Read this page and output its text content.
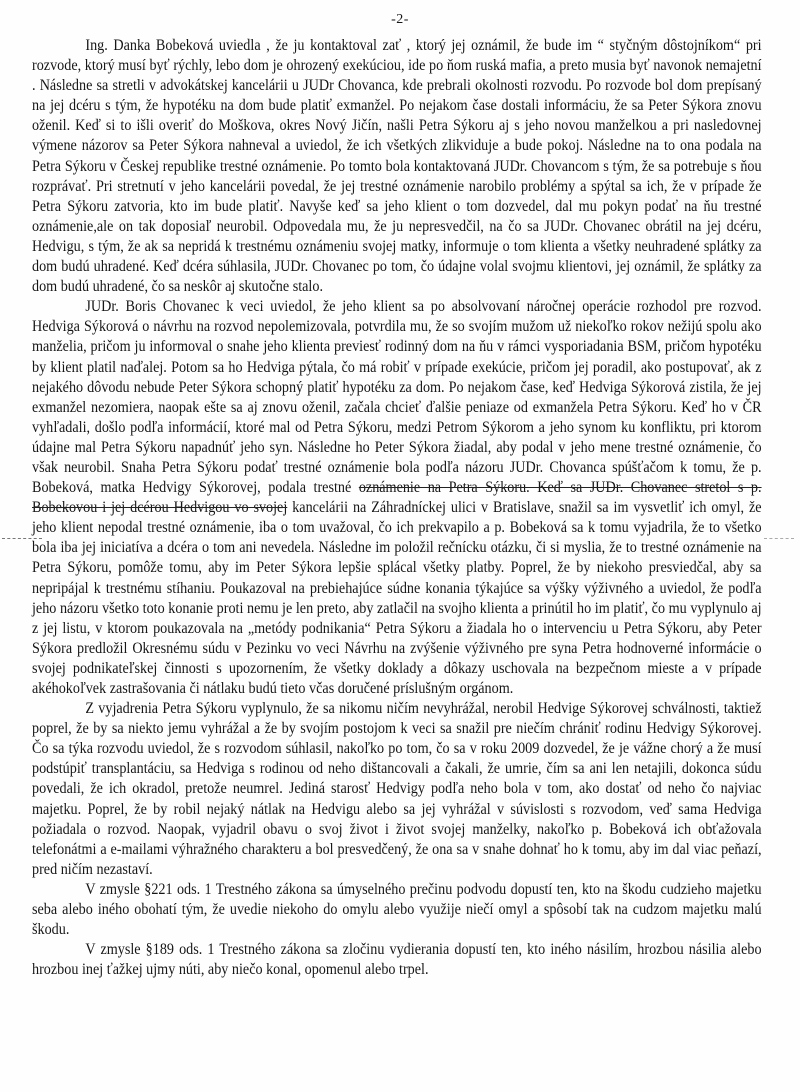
-2-

Ing. Danka Bobeková uviedla , že ju kontaktoval zať , ktorý jej oznámil, že bude im “ styčným dôstojníkom“ pri rozvode, ktorý musí byť rýchly, lebo dom je ohrozený exekúciou, ide po ňom ruská mafia, a preto musia byť navonok nemajetní . Následne sa stretli v advokátskej kancelárii u JUDr Chovanca, kde prebrali okolnosti rozvodu. Po rozvode bol dom prepísaný na jej dcéru s tým, že hypotéku na dom bude platiť exmanžel. Po nejakom čase dostali informáciu, že sa Peter Sýkora znovu oženil. Keď si to išli overiť do Moškova, okres Nový Jičín, našli Petra Sýkoru aj s jeho novou manželkou a pri nasledovnej výmene názorov sa Peter Sýkora nahneval a uviedol, že ich všetkých zlikviduje a bude pokoj. Následne na to ona podala na Petra Sýkoru v Českej republike trestné oznámenie. Po tomto bola kontaktovaná JUDr. Chovancom s tým, že sa potrebuje s ňou rozprávať. Pri stretnutí v jeho kancelárii povedal, že jej trestné oznámenie narobilo problémy a spýtal sa ich, že v prípade že Petra Sýkoru zatvoria, kto im bude platiť. Navyše keď sa jeho klient o tom dozvedel, dal mu pokyn podať na ňu trestné oznámenie,ale on tak doposiaľ neurobil. Odpovedala mu, že ju nepresvedčil, na čo sa JUDr. Chovanec obrátil na jej dcéru, Hedvigu, s tým, že ak sa nepridá k trestnému oznámeniu svojej matky, informuje o tom klienta a všetky neuhradené splátky za dom budú uhradené. Keď dcéra súhlasila, JUDr. Chovanec po tom, čo údajne volal svojmu klientovi, jej oznámil, že splátky za dom budú uhradené, čo sa neskôr aj skutočne stalo.

JUDr. Boris Chovanec k veci uviedol, že jeho klient sa po absolvovaní náročnej operácie rozhodol pre rozvod. Hedviga Sýkorová o návrhu na rozvod nepolemizovala, potvrdila mu, že so svojím mužom už niekoľko rokov nežijú spolu ako manželia, pričom ju informoval o snahe jeho klienta previesť rodinný dom na ňu v rámci vysporiadania BSM, pričom hypotéku by klient platil naďalej. Potom sa ho Hedviga pýtala, čo má robiť v prípade exekúcie, pričom jej poradil, ako postupovať, ak z nejakého dôvodu nebude Peter Sýkora schopný platiť hypotéku za dom. Po nejakom čase, keď Hedviga Sýkorová zistila, že jej exmanžel nezomiera, naopak ešte sa aj znovu oženil, začala chcieť ďalšie peniaze od exmanžela Petra Sýkoru. Keď ho v ČR vyhľadali, došlo podľa informácií, ktoré mal od Petra Sýkoru, medzi Petrom Sýkorom a jeho synom ku konfliktu, pri ktorom údajne mal Petra Sýkoru napadnúť jeho syn. Následne ho Peter Sýkora žiadal, aby podal v jeho mene trestné oznámenie, čo však neurobil. Snaha Petra Sýkoru podať trestné oznámenie bola podľa názoru JUDr. Chovanca spúšťačom k tomu, že p. Bobeková, matka Hedvigy Sýkorovej, podala trestné oznámenie na Petra Sýkoru. Keď sa JUDr. Chovanec stretol s p. Bobekovou i jej dcérou Hedvigou vo svojej kancelárii na Záhradníckej ulici v Bratislave, snažil sa im vysvetliť ich omyl, že jeho klient nepodal trestné oznámenie, iba o tom uvažoval, čo ich prekvapilo a p. Bobeková sa k tomu vyjadrila, že to všetko bola iba jej iniciatíva a dcéra o tom ani nevedela. Následne im položil rečnícku otázku, či si myslia, že to trestné oznámenie na Petra Sýkoru, pomôže tomu, aby im Peter Sýkora lepšie splácal všetky platby. Poprel, že by niekoho presviedčal, aby sa nepripájal k trestnému stíhaniu. Poukazoval na prebiehajúce súdne konania týkajúce sa výšky výživného a uviedol, že podľa jeho názoru všetko toto konanie proti nemu je len preto, aby zatlačil na svojho klienta a prinútil ho im platiť, čo mu vyplynulo aj z jej listu, v ktorom poukazovala na „metódy podnikania“ Petra Sýkoru a žiadala ho o intervenciu u Petra Sýkoru, aby Peter Sýkora predložil Okresnému súdu v Pezinku vo veci Návrhu na zvýšenie výživného pre syna Petra hodnoverné informácie o svojej podnikateľskej činnosti s upozornením, že všetky doklady a dôkazy uschovala na bezpečnom mieste a v prípade akéhokoľvek zastrašovania či nátlaku budú tieto včas doručené príslušným orgánom.

Z vyjadrenia Petra Sýkoru vyplynulo, že sa nikomu ničím nevyhrážal, nerobil Hedvige Sýkorovej schválnosti, taktiež poprel, že by sa niekto jemu vyhrážal a že by svojím postojom k veci sa snažil pre niečím chrániť rodinu Hedvigy Sýkorovej. Čo sa týka rozvodu uviedol, že s rozvodom súhlasil, nakoľko po tom, čo sa v roku 2009 dozvedel, že je vážne chorý a že musí podstúpiť transplantáciu, sa Hedviga s rodinou od neho dištancovali a čakali, že umrie, čím sa ani len netajili, dokonca súdu povedali, že ich okradol, pretože neumrel. Jediná starosť Hedvigy podľa neho bola v tom, ako dostať od neho čo najviac majetku. Poprel, že by robil nejaký nátlak na Hedvigu alebo sa jej vyhrážal v súvislosti s rozvodom, veď sama Hedviga požiadala o rozvod. Naopak, vyjadril obavu o svoj život i život svojej manželky, nakoľko p. Bobeková ich obťažovala telefonátmi a e-mailami výhražného charakteru a bol presvedčený, že ona sa v snahe dohnať ho k tomu, aby im dal viac peňazí, pred ničím nezastaví.

V zmysle §221 ods. 1 Trestného zákona sa úmyselného prečinu podvodu dopustí ten, kto na škodu cudzieho majetku seba alebo iného obohatí tým, že uvedie niekoho do omylu alebo využije niečí omyl a spôsobí tak na cudzom majetku malú škodu.

V zmysle §189 ods. 1 Trestného zákona sa zločinu vydierania dopustí ten, kto iného násilím, hrozbou násilia alebo hrozbou inej ťažkej ujmy núti, aby niečo konal, opomenul alebo trpel.
